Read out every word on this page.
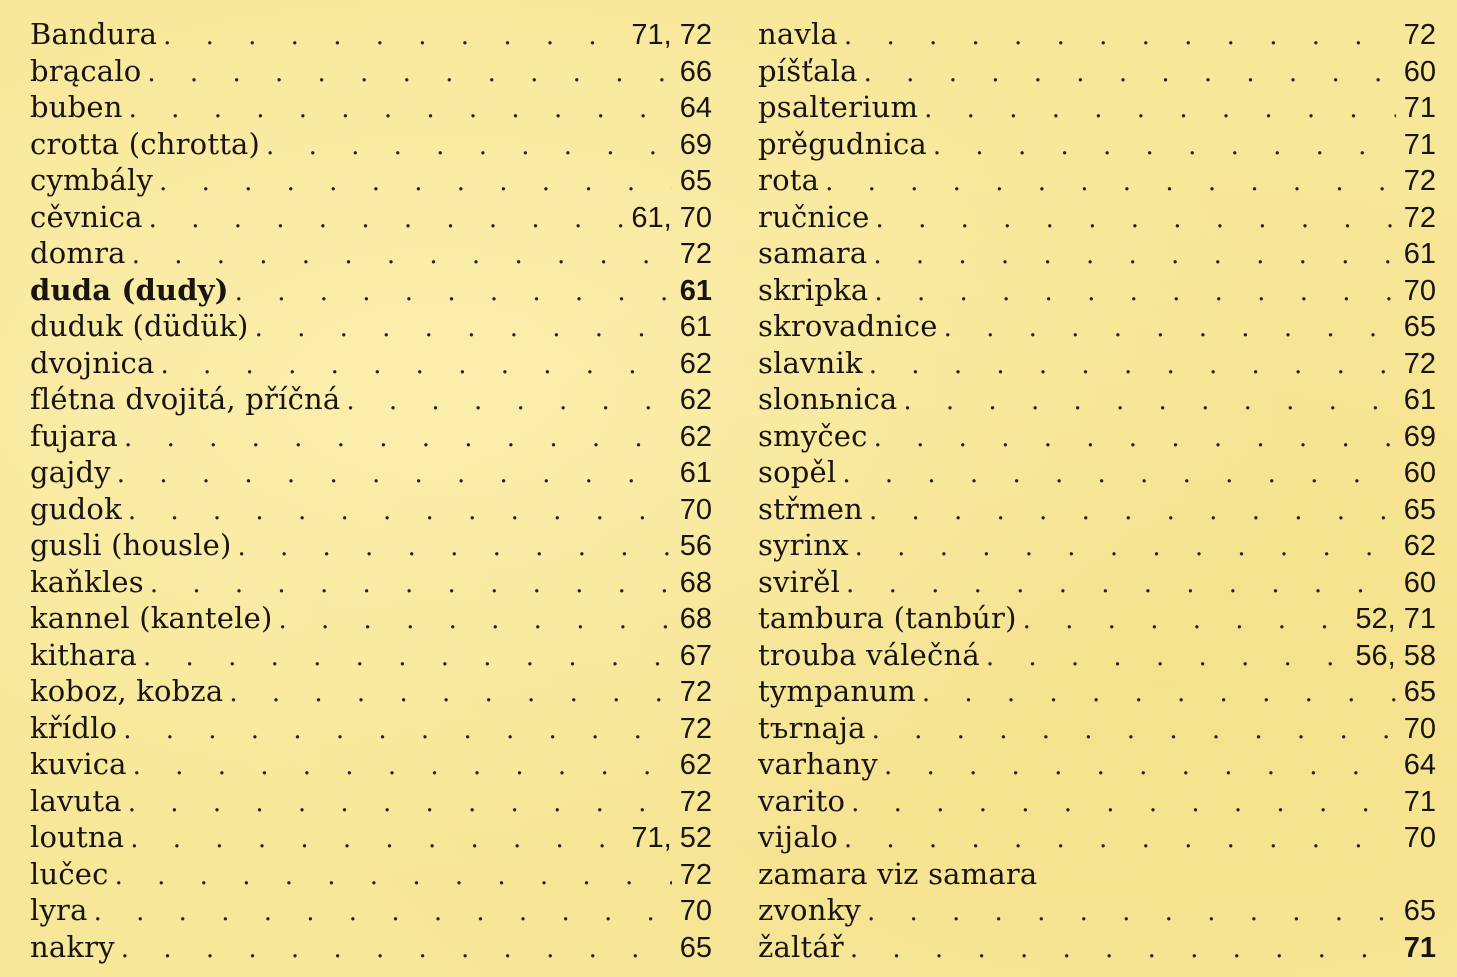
Bandura . . .	71, 72
brącalo . . .	66
buben . . .	64
crotta (chrotta) . . .	69
cymbály . . .	65
cěvnica . . .	61, 70
domra . . .	72
duda (dudy) . . .	61
duduk (düdük) . . .	61
dvojnica . . .	62
flétna dvojitá, příčná . . .	62
fujara . . .	62
gajdy . . .	61
gudok . . .	70
gusli (housle) . . .	56
kaňkles . . .	68
kannel (kantele) . . .	68
kithara . . .	67
koboz, kobza . . .	72
křídlo . . .	72
kuvica . . .	62
lavuta . . .	72
loutna . . .	71, 52
lučec . . .	72
lyra . . .	70
nakry . . .	65
navla . . .	72
píšťala . . .	60
psalterium . . .	71
prěgudnica . . .	71
rota . . .	72
ručnice . . .	72
samara . . .	61
skripka . . .	70
skrovadnice . . .	65
slavnik . . .	72
slonьnica . . .	61
smyčec . . .	69
sopěl . . .	60
střmen . . .	65
syrinx . . .	62
svirěl . . .	60
tambura (tanbúr) . . .	52, 71
trouba válečná . . .	56, 58
tympanum . . .	65
tъrnaja . . .	70
varhany . . .	64
varito . . .	71
vijalo . . .	70
zamara viz samara
zvonky . . .	65
žaltář . . .	71
